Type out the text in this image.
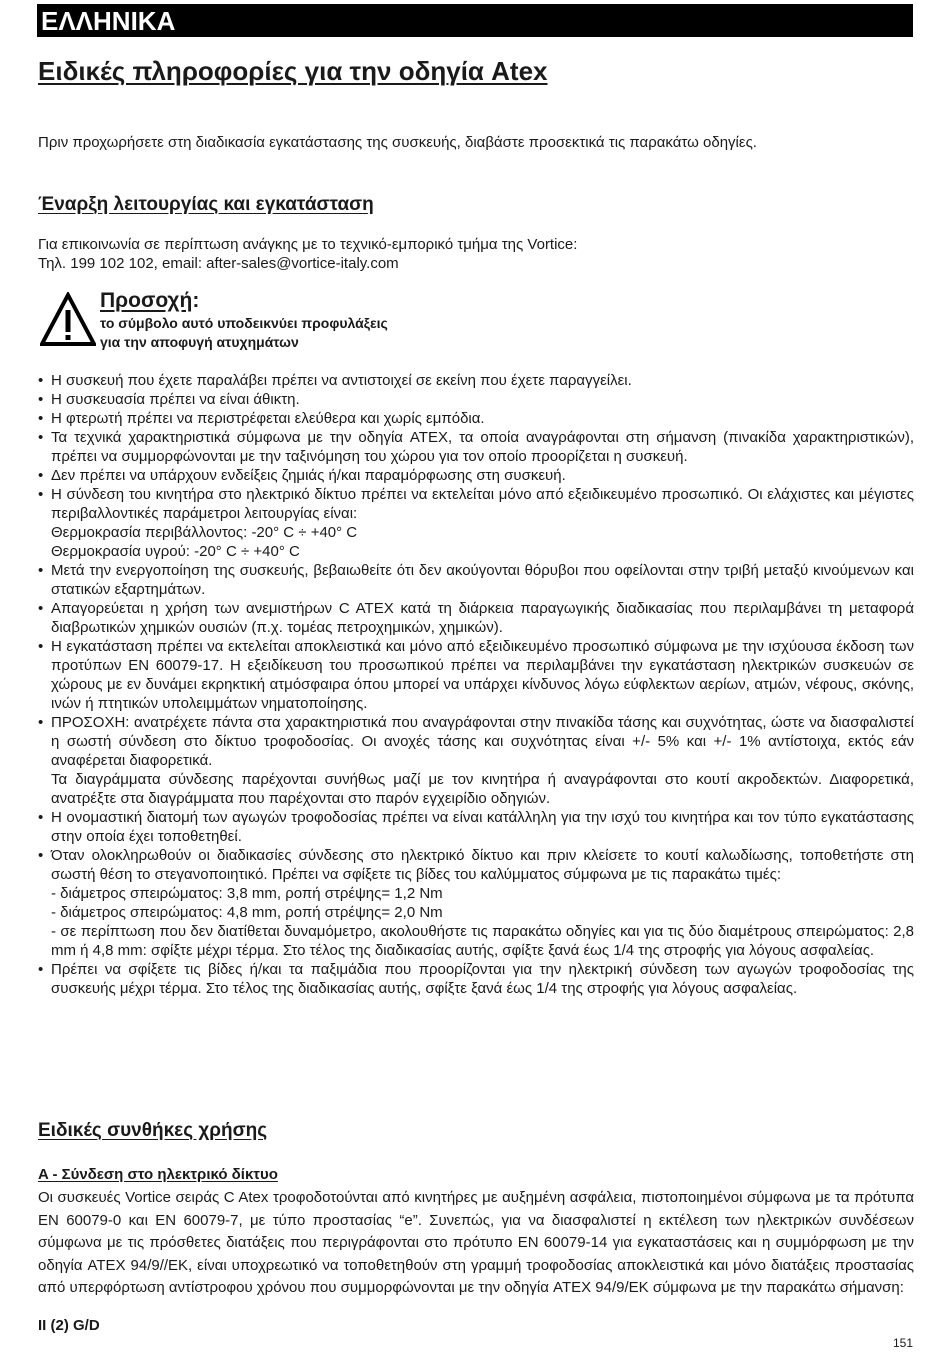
ΕΛΛΗΝΙΚΑ
Ειδικές πληροφορίες για την οδηγία Atex

Πριν προχωρήσετε στη διαδικασία εγκατάστασης της συσκευής, διαβάστε προσεκτικά τις παρακάτω οδηγίες.

Έναρξη λειτουργίας και εγκατάσταση

Για επικοινωνία σε περίπτωση ανάγκης με το τεχνικό-εμπορικό τμήμα της Vortice:
Τηλ. 199 102 102, email: after-sales@vortice-italy.com

Προσοχή:
το σύμβολο αυτό υποδεικνύει προφυλάξεις
για την αποφυγή ατυχημάτων
• Η συσκευή που έχετε παραλάβει πρέπει να αντιστοιχεί σε εκείνη που έχετε παραγγείλει.
• Η συσκευασία πρέπει να είναι άθικτη.
• Η φτερωτή πρέπει να περιστρέφεται ελεύθερα και χωρίς εμπόδια.
• Τα τεχνικά χαρακτηριστικά σύμφωνα με την οδηγία ATEX, τα οποία αναγράφονται στη σήμανση (πινακίδα χαρακτηριστικών), πρέπει να συμμορφώνονται με την ταξινόμηση του χώρου για τον οποίο προορίζεται η συσκευή.
• Δεν πρέπει να υπάρχουν ενδείξεις ζημιάς ή/και παραμόρφωσης στη συσκευή.
• Η σύνδεση του κινητήρα στο ηλεκτρικό δίκτυο πρέπει να εκτελείται μόνο από εξειδικευμένο προσωπικό. Οι ελάχιστες και μέγιστες περιβαλλοντικές παράμετροι λειτουργίας είναι:
Θερμοκρασία περιβάλλοντος: -20° C ÷ +40° C
Θερμοκρασία υγρού: -20° C ÷ +40° C
• Μετά την ενεργοποίηση της συσκευής, βεβαιωθείτε ότι δεν ακούγονται θόρυβοι που οφείλονται στην τριβή μεταξύ κινούμενων και στατικών εξαρτημάτων.
• Απαγορεύεται η χρήση των ανεμιστήρων C ATEX κατά τη διάρκεια παραγωγικής διαδικασίας που περιλαμβάνει τη μεταφορά διαβρωτικών χημικών ουσιών (π.χ. τομέας πετροχημικών, χημικών).
• Η εγκατάσταση πρέπει να εκτελείται αποκλειστικά και μόνο από εξειδικευμένο προσωπικό σύμφωνα με την ισχύουσα έκδοση των προτύπων EN 60079-17. Η εξειδίκευση του προσωπικού πρέπει να περιλαμβάνει την εγκατάσταση ηλεκτρικών συσκευών σε χώρους με εν δυνάμει εκρηκτική ατμόσφαιρα όπου μπορεί να υπάρχει κίνδυνος λόγω εύφλεκτων αερίων, ατμών, νέφους, σκόνης, ινών ή πτητικών υπολειμμάτων νηματοποίησης.
• ΠΡΟΣΟΧΗ: ανατρέχετε πάντα στα χαρακτηριστικά που αναγράφονται στην πινακίδα τάσης και συχνότητας, ώστε να διασφαλιστεί η σωστή σύνδεση στο δίκτυο τροφοδοσίας. Οι ανοχές τάσης και συχνότητας είναι +/- 5% και +/- 1% αντίστοιχα, εκτός εάν αναφέρεται διαφορετικά.
Τα διαγράμματα σύνδεσης παρέχονται συνήθως μαζί με τον κινητήρα ή αναγράφονται στο κουτί ακροδεκτών. Διαφορετικά, ανατρέξτε στα διαγράμματα που παρέχονται στο παρόν εγχειρίδιο οδηγιών.
• Η ονομαστική διατομή των αγωγών τροφοδοσίας πρέπει να είναι κατάλληλη για την ισχύ του κινητήρα και τον τύπο εγκατάστασης στην οποία έχει τοποθετηθεί.
• Όταν ολοκληρωθούν οι διαδικασίες σύνδεσης στο ηλεκτρικό δίκτυο και πριν κλείσετε το κουτί καλωδίωσης, τοποθετήστε στη σωστή θέση το στεγανοποιητικό. Πρέπει να σφίξετε τις βίδες του καλύμματος σύμφωνα με τις παρακάτω τιμές:
- διάμετρος σπειρώματος: 3,8 mm, ροπή στρέψης= 1,2 Nm
- διάμετρος σπειρώματος: 4,8 mm, ροπή στρέψης= 2,0 Nm
- σε περίπτωση που δεν διατίθεται δυναμόμετρο, ακολουθήστε τις παρακάτω οδηγίες και για τις δύο διαμέτρους σπειρώματος: 2,8 mm ή 4,8 mm: σφίξτε μέχρι τέρμα. Στο τέλος της διαδικασίας αυτής, σφίξτε ξανά έως 1/4 της στροφής για λόγους ασφαλείας.
• Πρέπει να σφίξετε τις βίδες ή/και τα παξιμάδια που προορίζονται για την ηλεκτρική σύνδεση των αγωγών τροφοδοσίας της συσκευής μέχρι τέρμα. Στο τέλος της διαδικασίας αυτής, σφίξτε ξανά έως 1/4 της στροφής για λόγους ασφαλείας.
Ειδικές συνθήκες χρήσης
A - Σύνδεση στο ηλεκτρικό δίκτυο

Οι συσκευές Vortice σειράς C Atex τροφοδοτούνται από κινητήρες με αυξημένη ασφάλεια, πιστοποιημένοι σύμφωνα με τα πρότυπα EN 60079-0 και EN 60079-7, με τύπο προστασίας “e”. Συνεπώς, για να διασφαλιστεί η εκτέλεση των ηλεκτρικών συνδέσεων σύμφωνα με τις πρόσθετες διατάξεις που περιγράφονται στο πρότυπο EN 60079-14 για εγκαταστάσεις και η συμμόρφωση με την οδηγία ATEX 94/9//ΕΚ, είναι υποχρεωτικό να τοποθετηθούν στη γραμμή τροφοδοσίας αποκλειστικά και μόνο διατάξεις προστασίας από υπερφόρτωση αντίστροφου χρόνου που συμμορφώνονται με την οδηγία ATEX 94/9/ΕΚ σύμφωνα με την παρακάτω σήμανση:

II (2) G/D
151
